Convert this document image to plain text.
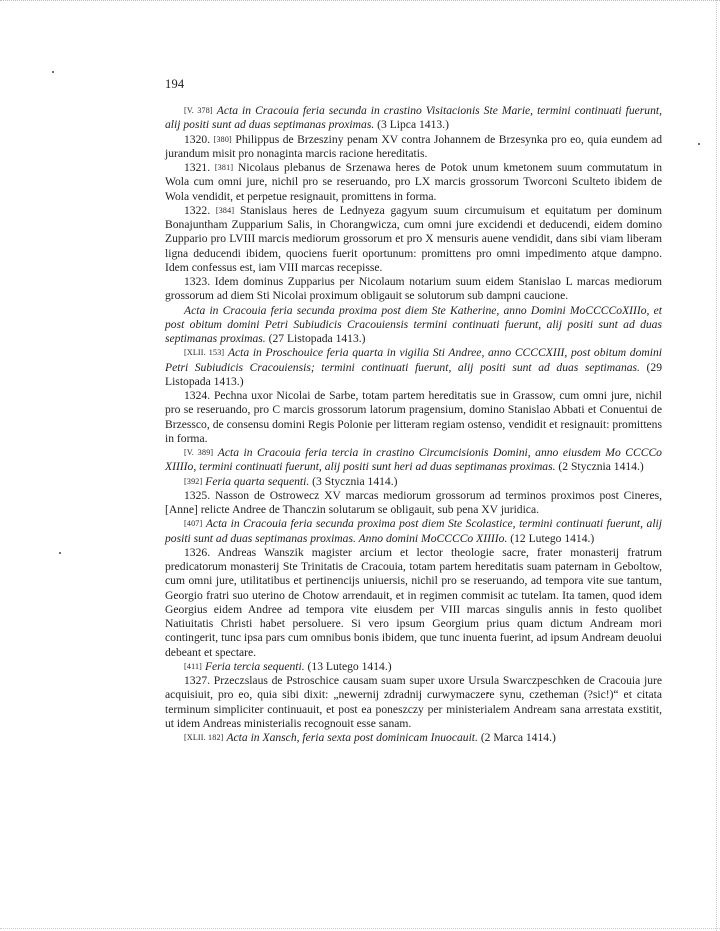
194

[V. 378] Acta in Cracouia feria secunda in crastino Visitacionis Ste Marie, termini continuati fuerunt, alij positi sunt ad duas septimanas proximas. (3 Lipca 1413.)

1320. [380] Philippus de Brzesziny penam XV contra Johannem de Brzesynka pro eo, quia eundem ad jurandum misit pro nonaginta marcis racione hereditatis.

1321. [381] Nicolaus plebanus de Srzenawa heres de Potok unum kmetonem suum commutatum in Wola cum omni jure, nichil pro se reseruando, pro LX marcis grossorum Tworconi Sculteto ibidem de Wola vendidit, et perpetue resignauit, promittens in forma.

1322. [384] Stanislaus heres de Lednyeza gagyum suum circumuisum et equitatum per dominum Bonajuntham Zupparium Salis, in Chorangwicza, cum omni jure excidendi et deducendi, eidem domino Zuppario pro LVIII marcis mediorum grossorum et pro X mensuris auene vendidit, dans sibi viam liberam ligna deducendi ibidem, quociens fuerit oportunum: promittens pro omni impedimento atque dampno. Idem confessus est, iam VIII marcas recepisse.

1323. Idem dominus Zupparius per Nicolaum notarium suum eidem Stanislao L marcas mediorum grossorum ad diem Sti Nicolai proximum obligauit se solutorum sub dampni caucione.

Acta in Cracouia feria secunda proxima post diem Ste Katherine, anno Domini MoCCCCoXIIIo, et post obitum domini Petri Subiudicis Cracouiensis termini continuati fuerunt, alij positi sunt ad duas septimanas proximas. (27 Listopada 1413.)

[XLII. 153] Acta in Proschouice feria quarta in vigilia Sti Andree, anno CCCCXIII, post obitum domini Petri Subiudicis Cracouiensis; termini continuati fuerunt, alij positi sunt ad duas septimanas. (29 Listopada 1413.)

1324. Pechna uxor Nicolai de Sarbe, totam partem hereditatis sue in Grassow, cum omni jure, nichil pro se reseruando, pro C marcis grossorum latorum pragensium, domino Stanislao Abbati et Conuentui de Brzessco, de consensu domini Regis Polonie per litteram regiam ostenso, vendidit et resignauit: promittens in forma.

[V. 389] Acta in Cracouia feria tercia in crastino Circumcisionis Domini, anno eiusdem Mo CCCCo XIIIIo, termini continuati fuerunt, alij positi sunt heri ad duas septimanas proximas. (2 Stycznia 1414.)

[392] Feria quarta sequenti. (3 Stycznia 1414.)

1325. Nasson de Ostrowecz XV marcas mediorum grossorum ad terminos proximos post Cineres, [Anne] relicte Andree de Thanczin solutarum se obligauit, sub pena XV juridica.

[407] Acta in Cracouia feria secunda proxima post diem Ste Scolastice, termini continuati fuerunt, alij positi sunt ad duas septimanas proximas. Anno domini MoCCCCo XIIIIo. (12 Lutego 1414.)

1326. Andreas Wanszik magister arcium et lector theologie sacre, frater monasterij fratrum predicatorum monasterij Ste Trinitatis de Cracouia, totam partem hereditatis suam paternam in Geboltow, cum omni jure, utilitatibus et pertinencijs uniuersis, nichil pro se reseruando, ad tempora vite sue tantum, Georgio fratri suo uterino de Chotow arrendauit, et in regimen commisit ac tutelam. Ita tamen, quod idem Georgius eidem Andree ad tempora vite eiusdem per VIII marcas singulis annis in festo quolibet Natiuitatis Christi habet persoluere. Si vero ipsum Georgium prius quam dictum Andream mori contingerit, tunc ipsa pars cum omnibus bonis ibidem, que tunc inuenta fuerint, ad ipsum Andream deuolui debeant et spectare.

[411] Feria tercia sequenti. (13 Lutego 1414.)

1327. Przeczslaus de Pstroschice causam suam super uxore Ursula Swarczpeschken de Cracouia jure acquisiuit, pro eo, quia sibi dixit: „newernij zdradnij curwymaczere synu, czetheman (?sic!)“ et citata terminum simpliciter continuauit, et post ea poneszczy per ministerialem Andream sana arrestata exstitit, ut idem Andreas ministerialis recognouit esse sanam.

[XLII. 182] Acta in Xansch, feria sexta post dominicam Inuocauit. (2 Marca 1414.)
